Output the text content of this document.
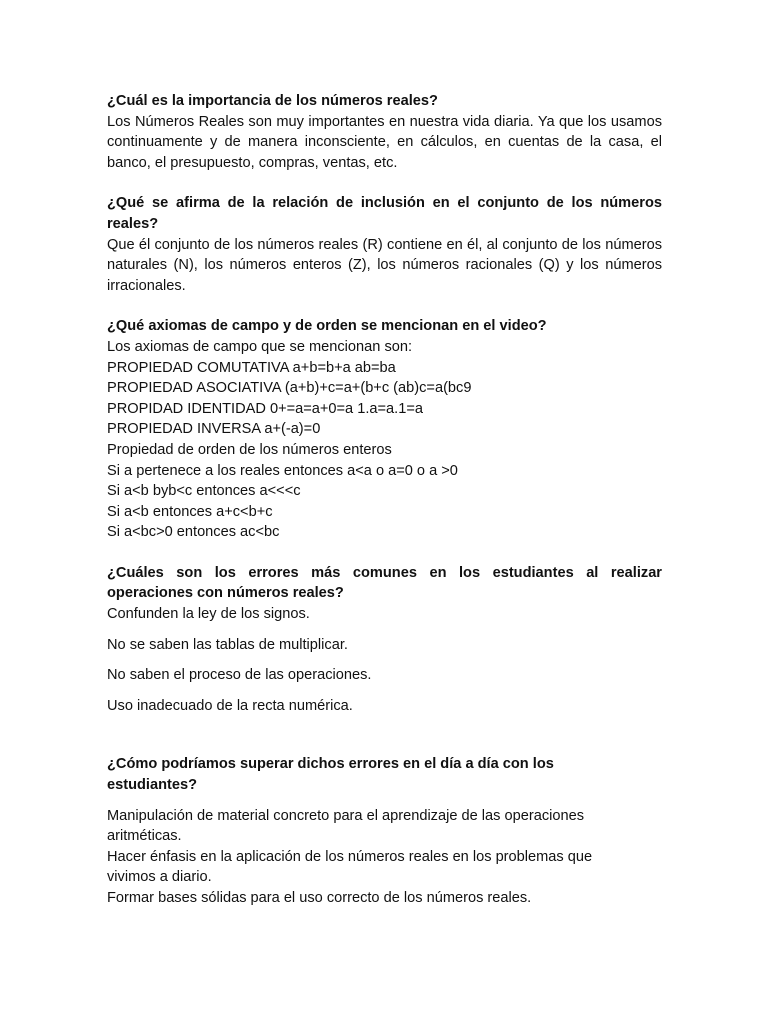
¿Cuál es la importancia de los números reales?

Los Números Reales son muy importantes en nuestra vida diaria. Ya que los usamos continuamente y de manera inconsciente, en cálculos, en cuentas de la casa, el banco, el presupuesto, compras, ventas, etc.

¿Qué se afirma de la relación de inclusión en el conjunto de los números reales?

Que él conjunto de los números reales (R) contiene en él, al conjunto de los números naturales (N), los números enteros (Z), los números racionales (Q) y los números irracionales.

¿Qué axiomas de campo y de orden se mencionan en el video?

Los axiomas de campo que se mencionan son:

PROPIEDAD COMUTATIVA a+b=b+a ab=ba

PROPIEDAD ASOCIATIVA (a+b)+c=a+(b+c (ab)c=a(bc9

PROPIDAD IDENTIDAD 0+=a=a+0=a 1.a=a.1=a

PROPIEDAD INVERSA a+(-a)=0

Propiedad de orden de los números enteros

Si a pertenece a los reales entonces a<a o a=0 o a >0

Si a<b byb<c entonces a<<<c

Si a<b entonces a+c<b+c

Si a<bc>0 entonces ac<bc

¿Cuáles son los errores más comunes en los estudiantes al realizar operaciones con números reales?

Confunden la ley de los signos.

No se saben las tablas de multiplicar.

No saben el proceso de las operaciones.

Uso inadecuado de la recta numérica.

¿Cómo podríamos superar dichos errores en el día a día con los estudiantes?

Manipulación de material concreto para el aprendizaje de las operaciones aritméticas.

Hacer énfasis en la aplicación de los números reales en los problemas que vivimos a diario.

Formar bases sólidas para el uso correcto de los números reales.
